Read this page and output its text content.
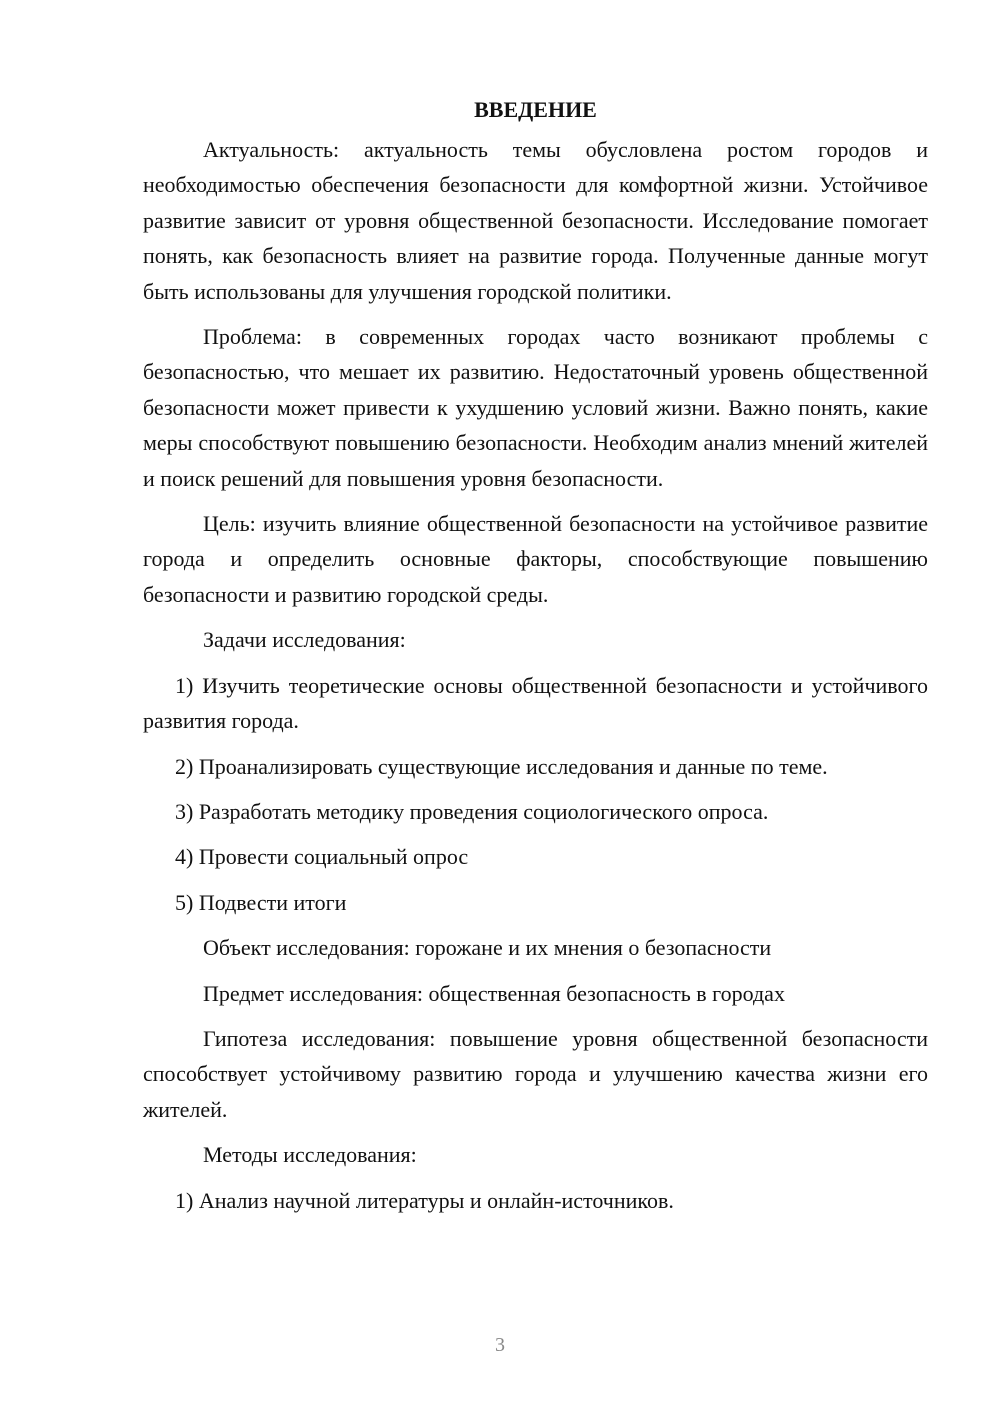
ВВЕДЕНИЕ

Актуальность: актуальность темы обусловлена ростом городов и необходимостью обеспечения безопасности для комфортной жизни. Устойчивое развитие зависит от уровня общественной безопасности. Исследование помогает понять, как безопасность влияет на развитие города. Полученные данные могут быть использованы для улучшения городской политики.

Проблема: в современных городах часто возникают проблемы с безопасностью, что мешает их развитию. Недостаточный уровень общественной безопасности может привести к ухудшению условий жизни. Важно понять, какие меры способствуют повышению безопасности. Необходим анализ мнений жителей и поиск решений для повышения уровня безопасности.

Цель: изучить влияние общественной безопасности на устойчивое развитие города и определить основные факторы, способствующие повышению безопасности и развитию городской среды.

Задачи исследования:

1) Изучить теоретические основы общественной безопасности и устойчивого развития города.

2) Проанализировать существующие исследования и данные по теме.

3) Разработать методику проведения социологического опроса.

4) Провести социальный опрос

5) Подвести итоги

Объект исследования: горожане и их мнения о безопасности

Предмет исследования: общественная безопасность в городах

Гипотеза исследования: повышение уровня общественной безопасности способствует устойчивому развитию города и улучшению качества жизни его жителей.

Методы исследования:

1) Анализ научной литературы и онлайн-источников.

3
